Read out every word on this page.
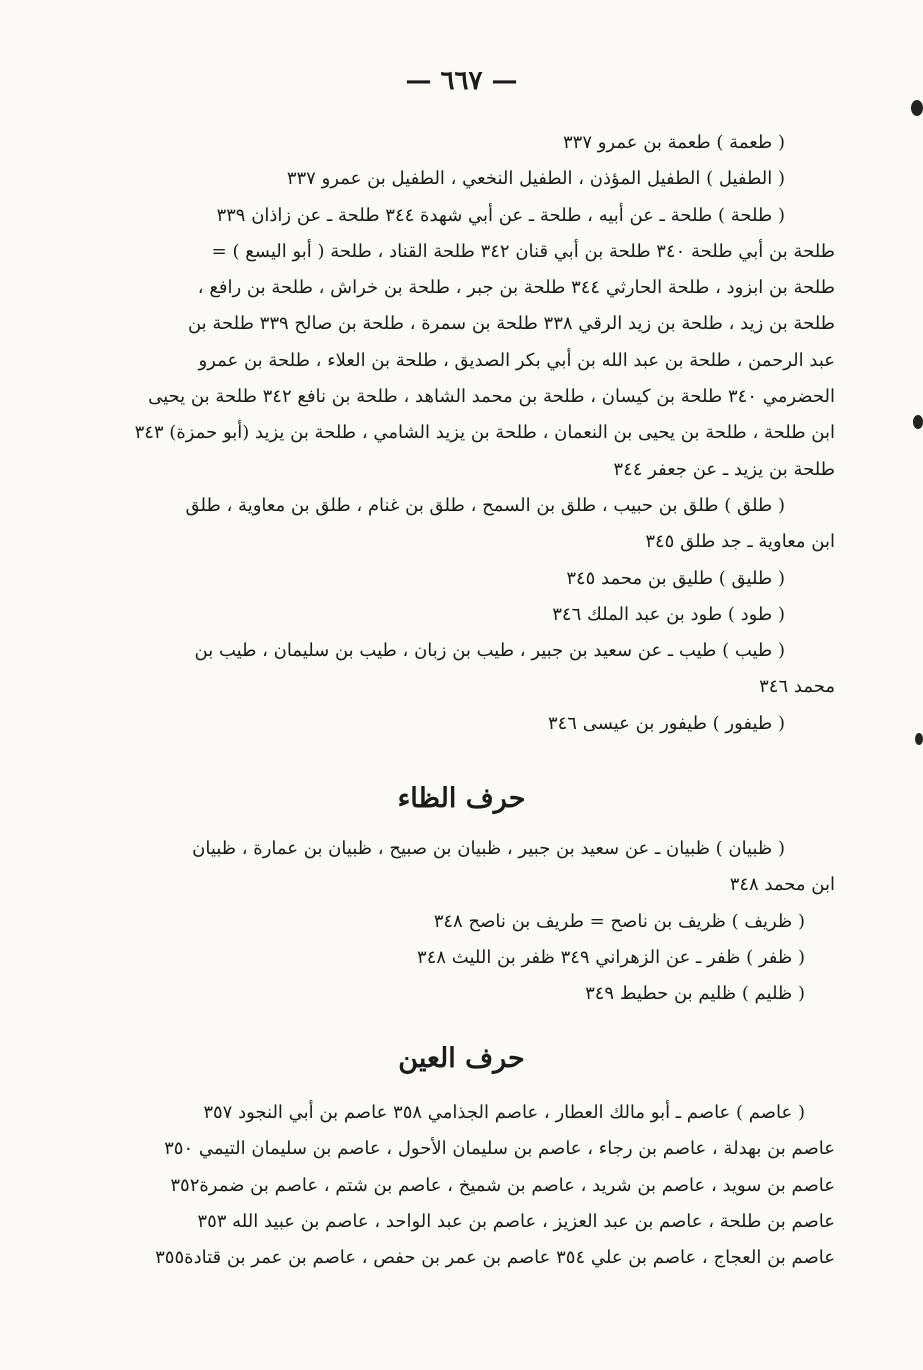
— ٦٦٧ —
( طعمة ) طعمة بن عمرو ٣٣٧
( الطفيل ) الطفيل المؤذن ، الطفيل النخعي ، الطفيل بن عمرو ٣٣٧
( طلحة ) طلحة ـ عن أبيه ، طلحة ـ عن أبي شهدة ٣٤٤ طلحة ـ عن زاذان ٣٣٩
طلحة بن أبي طلحة ٣٤٠ طلحة بن أبي قنان ٣٤٢ طلحة القناد ، طلحة ( أبو اليسع ) =
طلحة بن ابزود ، طلحة الحارثي ٣٤٤ طلحة بن جبر ، طلحة بن خراش ، طلحة بن رافع ،
طلحة بن زيد ، طلحة بن زيد الرقي ٣٣٨ طلحة بن سمرة ، طلحة بن صالح ٣٣٩ طلحة بن
عبد الرحمن ، طلحة بن عبد الله بن أبي بكر الصديق ، طلحة بن العلاء ، طلحة بن عمرو
الحضرمي ٣٤٠ طلحة بن كيسان ، طلحة بن محمد الشاهد ، طلحة بن نافع ٣٤٢ طلحة بن يحيى
ابن طلحة ، طلحة بن يحيى بن النعمان ، طلحة بن يزيد الشامي ، طلحة بن يزيد (أبو حمزة) ٣٤٣
طلحة بن يزيد ـ عن جعفر ٣٤٤
( طلق ) طلق بن حبيب ، طلق بن السمح ، طلق بن غنام ، طلق بن معاوية ، طلق
ابن معاوية ـ جد طلق ٣٤٥
( طليق ) طليق بن محمد ٣٤٥
( طود ) طود بن عبد الملك ٣٤٦
( طيب ) طيب ـ عن سعيد بن جبير ، طيب بن زبان ، طيب بن سليمان ، طيب بن
محمد ٣٤٦
( طيفور ) طيفور بن عيسى ٣٤٦
حرف الظاء
( ظبيان ) ظبيان ـ عن سعيد بن جبير ، ظبيان بن صبيح ، ظبيان بن عمارة ، ظبيان
ابن محمد ٣٤٨
( ظريف ) ظريف بن ناصح = طريف بن ناصح ٣٤٨
( ظفر ) ظفر ـ عن الزهراني ٣٤٩ ظفر بن الليث ٣٤٨
( ظليم ) ظليم بن حطيط ٣٤٩
حرف العين
( عاصم ) عاصم ـ أبو مالك العطار ، عاصم الجذامي ٣٥٨ عاصم بن أبي النجود ٣٥٧
عاصم بن بهدلة ، عاصم بن رجاء ، عاصم بن سليمان الأحول ، عاصم بن سليمان التيمي ٣٥٠
عاصم بن سويد ، عاصم بن شريد ، عاصم بن شميخ ، عاصم بن شتم ، عاصم بن ضمرة٣٥٢
عاصم بن طلحة ، عاصم بن عبد العزيز ، عاصم بن عبد الواحد ، عاصم بن عبيد الله ٣٥٣
عاصم بن العجاج ، عاصم بن علي ٣٥٤ عاصم بن عمر بن حفص ، عاصم بن عمر بن قتادة٣٥٥
